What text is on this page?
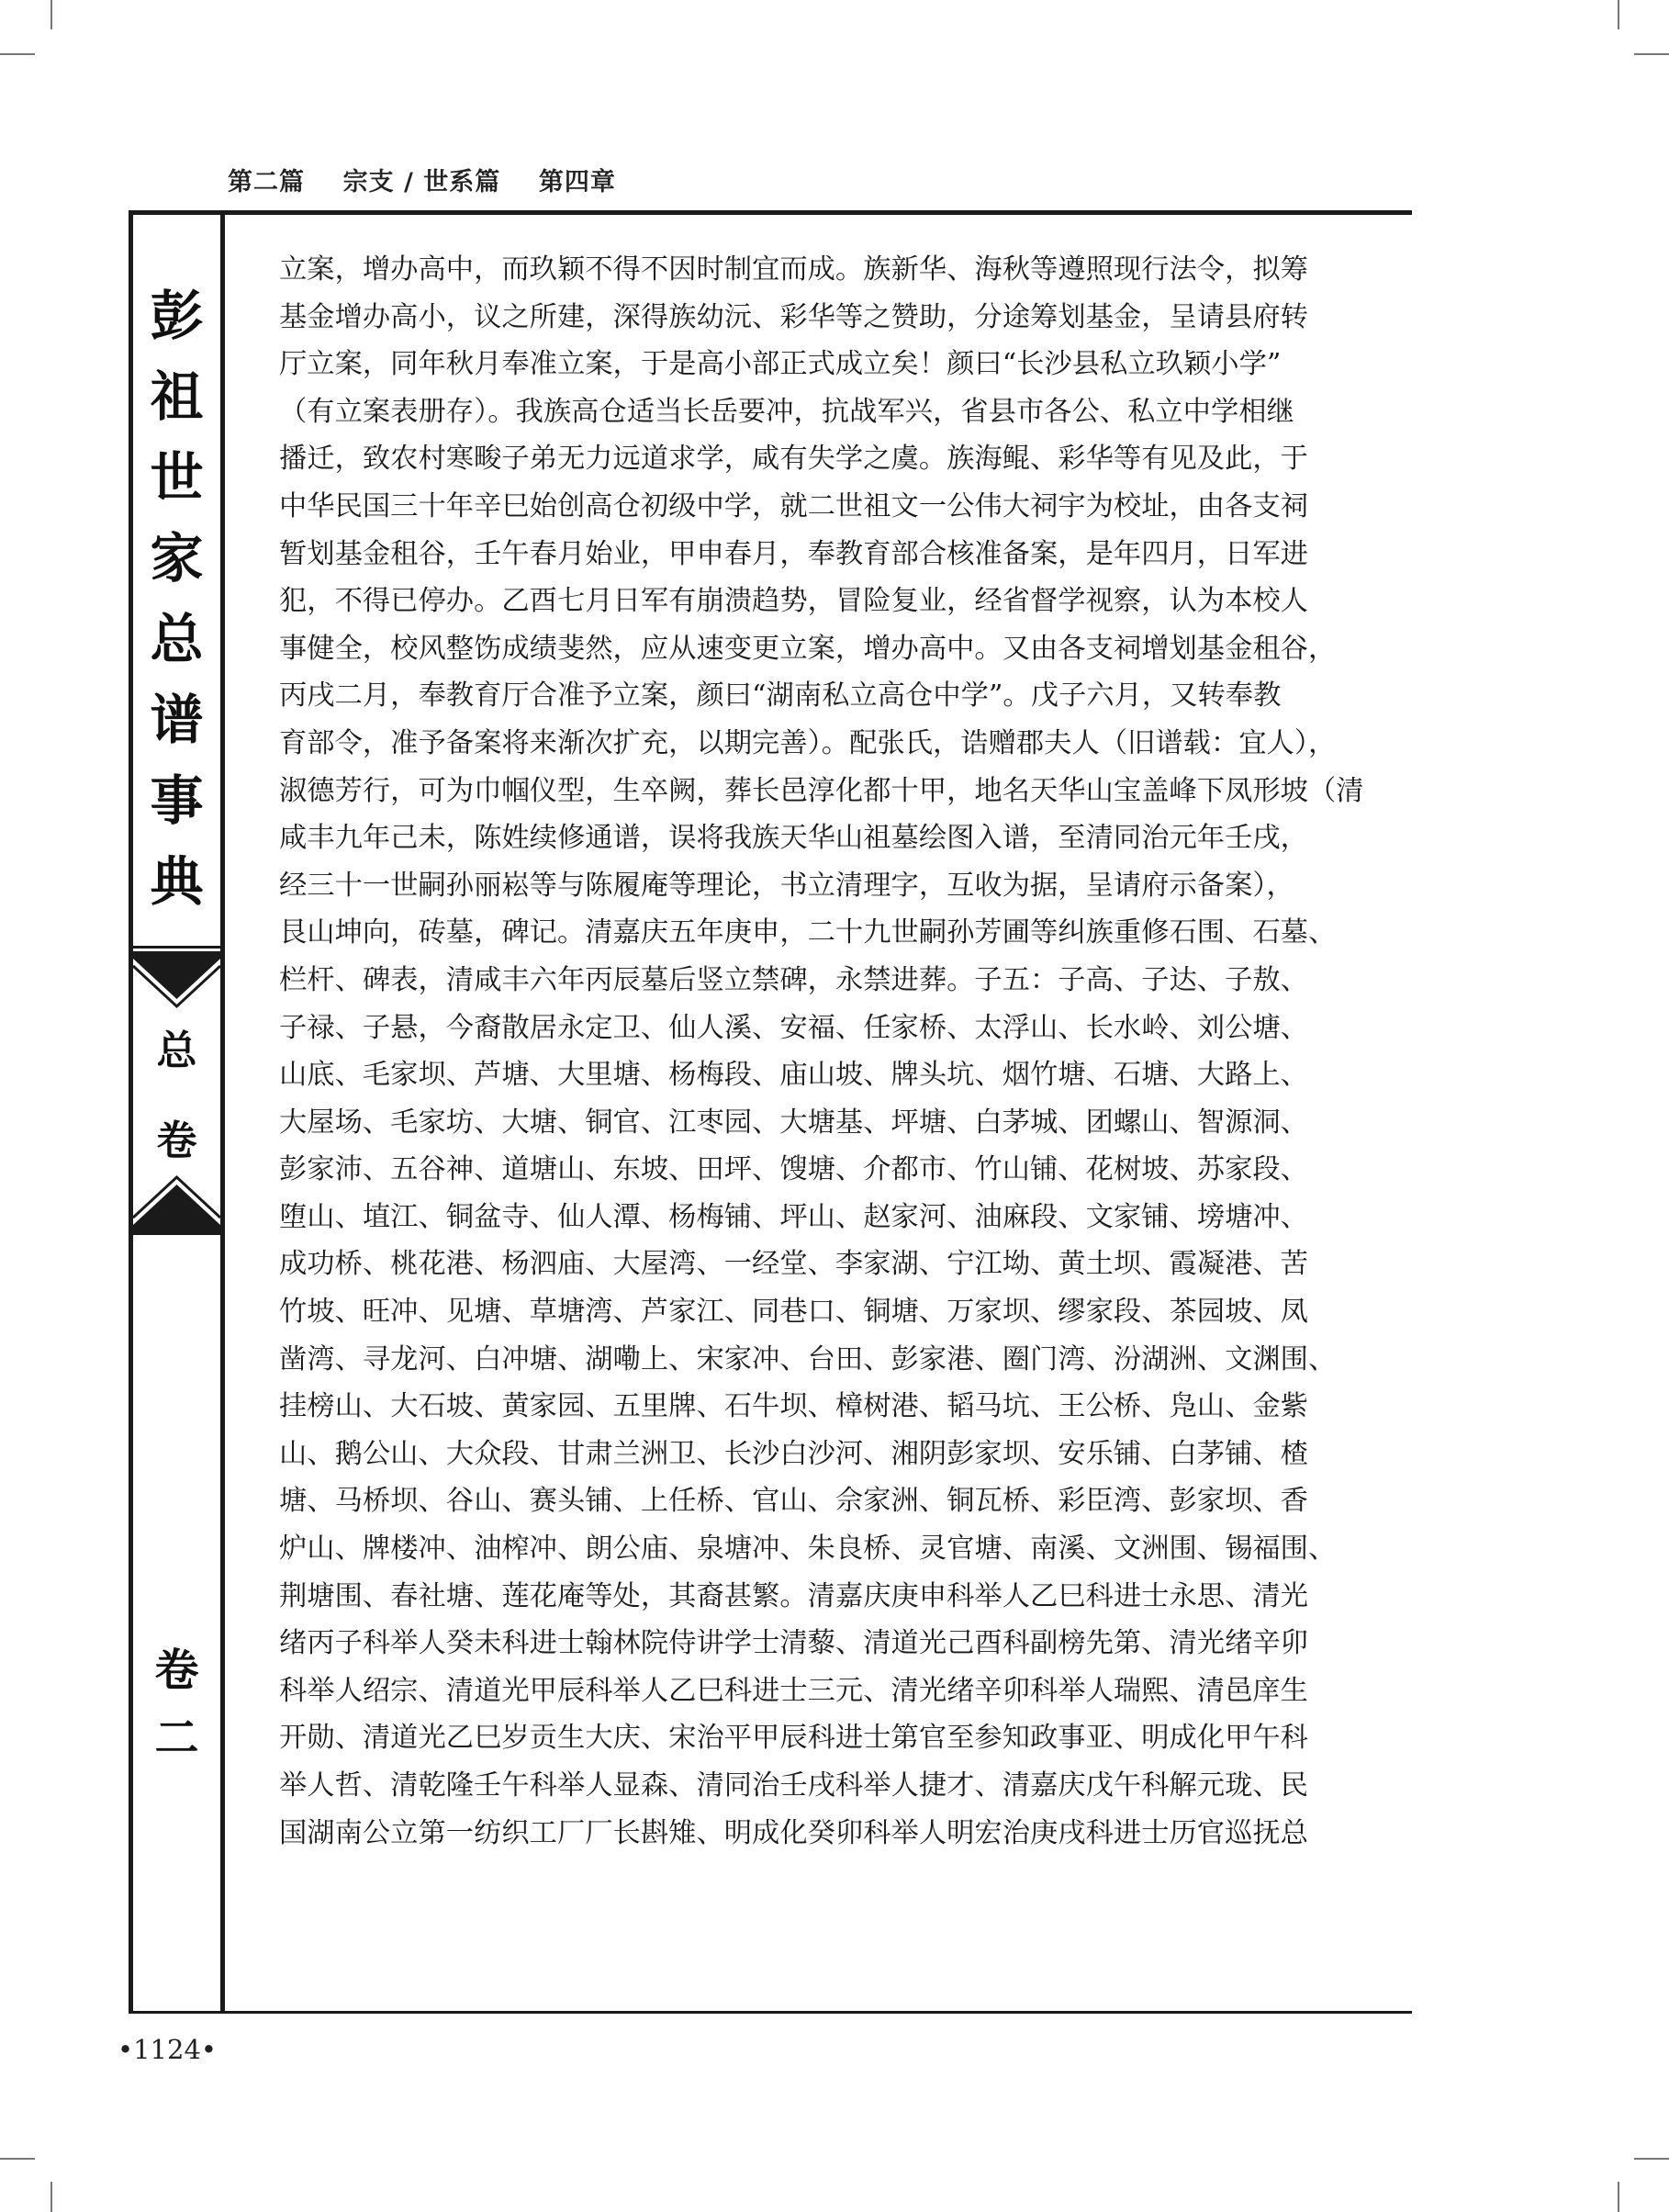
第二篇    宗支 / 世系篇    第四章
彭
祖
世
家
总
谱
事
典
总
卷
卷
二
立案，增办高中，而玖颖不得不因时制宜而成。族新华、海秋等遵照现行法令，拟筹
基金增办高小，议之所建，深得族幼沅、彩华等之赞助，分途筹划基金，呈请县府转
厅立案，同年秋月奉准立案，于是高小部正式成立矣！颜曰“长沙县私立玖颖小学”
（有立案表册存）。我族高仓适当长岳要冲，抗战军兴，省县市各公、私立中学相继
播迁，致农村寒畯子弟无力远道求学，咸有失学之虞。族海鲲、彩华等有见及此，于
中华民国三十年辛巳始创高仓初级中学，就二世祖文一公伟大祠宇为校址，由各支祠
暂划基金租谷，壬午春月始业，甲申春月，奉教育部合核准备案，是年四月，日军进
犯，不得已停办。乙酉七月日军有崩溃趋势，冒险复业，经省督学视察，认为本校人
事健全，校风整饬成绩斐然，应从速变更立案，增办高中。又由各支祠增划基金租谷，
丙戌二月，奉教育厅合准予立案，颜曰“湖南私立高仓中学”。戊子六月，又转奉教
育部令，准予备案将来渐次扩充，以期完善）。配张氏，诰赠郡夫人（旧谱载：宜人），
淑德芳行，可为巾帼仪型，生卒阙，葬长邑淳化都十甲，地名天华山宝盖峰下凤形坡（清
咸丰九年己未，陈姓续修通谱，误将我族天华山祖墓绘图入谱，至清同治元年壬戌，
经三十一世嗣孙丽崧等与陈履庵等理论，书立清理字，互收为据，呈请府示备案），
艮山坤向，砖墓，碑记。清嘉庆五年庚申，二十九世嗣孙芳圃等纠族重修石围、石墓、
栏杆、碑表，清咸丰六年丙辰墓后竖立禁碑，永禁进葬。子五：子高、子达、子敖、
子禄、子悬，今裔散居永定卫、仙人溪、安福、任家桥、太浮山、长水岭、刘公塘、
山底、毛家坝、芦塘、大里塘、杨梅段、庙山坡、牌头坑、烟竹塘、石塘、大路上、
大屋场、毛家坊、大塘、铜官、江枣园、大塘基、坪塘、白茅城、团螺山、智源洞、
彭家沛、五谷神、道塘山、东坡、田坪、馊塘、介都市、竹山铺、花树坡、苏家段、
堕山、埴江、铜盆寺、仙人潭、杨梅铺、坪山、赵家河、油麻段、文家铺、塝塘冲、
成功桥、桃花港、杨泗庙、大屋湾、一经堂、李家湖、宁江坳、黄土坝、霞凝港、苦
竹坡、旺冲、见塘、草塘湾、芦家江、同巷口、铜塘、万家坝、缪家段、茶园坡、凤
凿湾、寻龙河、白冲塘、湖嘞上、宋家冲、台田、彭家港、圈门湾、汾湖洲、文渊围、
挂榜山、大石坡、黄家园、五里牌、石牛坝、樟树港、韬马坑、王公桥、凫山、金紫
山、鹅公山、大众段、甘肃兰洲卫、长沙白沙河、湘阴彭家坝、安乐铺、白茅铺、楂
塘、马桥坝、谷山、赛头铺、上任桥、官山、佘家洲、铜瓦桥、彩臣湾、彭家坝、香
炉山、牌楼冲、油榨冲、朗公庙、泉塘冲、朱良桥、灵官塘、南溪、文洲围、锡福围、
荆塘围、春社塘、莲花庵等处，其裔甚繁。清嘉庆庚申科举人乙巳科进士永思、清光
绪丙子科举人癸未科进士翰林院侍讲学士清藜、清道光己酉科副榜先第、清光绪辛卯
科举人绍宗、清道光甲辰科举人乙巳科进士三元、清光绪辛卯科举人瑞熙、清邑庠生
开勋、清道光乙巳岁贡生大庆、宋治平甲辰科进士第官至参知政事亚、明成化甲午科
举人哲、清乾隆壬午科举人显森、清同治壬戌科举人捷才、清嘉庆戊午科解元珑、民
国湖南公立第一纺织工厂厂长斟雉、明成化癸卯科举人明宏治庚戌科进士历官巡抚总
•1124•
